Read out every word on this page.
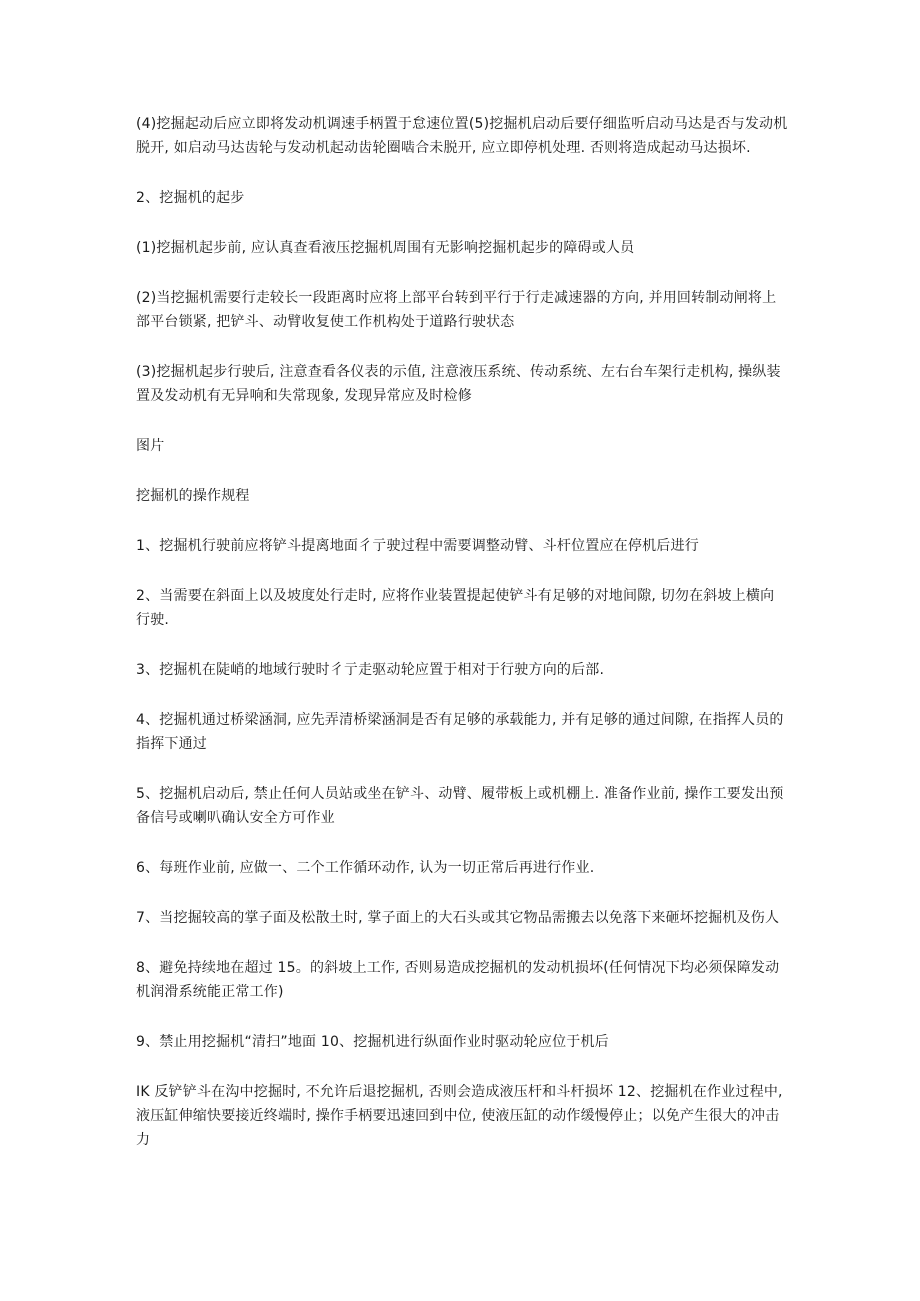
(4)挖掘起动后应立即将发动机调速手柄置于怠速位置(5)挖掘机启动后要仔细监听启动马达是否与发动机脱开, 如启动马达齿轮与发动机起动齿轮圈啮合未脱开, 应立即停机处理. 否则将造成起动马达损坏.

2、挖掘机的起步

(1)挖掘机起步前, 应认真查看液压挖掘机周围有无影响挖掘机起步的障碍或人员

(2)当挖掘机需要行走较长一段距离时应将上部平台转到平行于行走减速器的方向, 并用回转制动闸将上部平台锁紧, 把铲斗、动臂收复使工作机构处于道路行驶状态

(3)挖掘机起步行驶后, 注意查看各仪表的示值, 注意液压系统、传动系统、左右台车架行走机构, 操纵装置及发动机有无异响和失常现象, 发现异常应及时检修

图片

挖掘机的操作规程

1、挖掘机行驶前应将铲斗提离地面彳亍驶过程中需要调整动臂、斗杆位置应在停机后进行

2、当需要在斜面上以及坡度处行走时, 应将作业装置提起使铲斗有足够的对地间隙, 切勿在斜坡上横向行驶.

3、挖掘机在陡峭的地域行驶时彳亍走驱动轮应置于相对于行驶方向的后部.

4、挖掘机通过桥梁涵洞, 应先弄清桥梁涵洞是否有足够的承载能力, 并有足够的通过间隙, 在指挥人员的指挥下通过

5、挖掘机启动后, 禁止任何人员站或坐在铲斗、动臂、履带板上或机棚上. 准备作业前, 操作工要发出预备信号或喇叭确认安全方可作业

6、每班作业前, 应做一、二个工作循环动作, 认为一切正常后再进行作业.

7、当挖掘较高的掌子面及松散土时, 掌子面上的大石头或其它物品需搬去以免落下来砸坏挖掘机及伤人

8、避免持续地在超过 15。的斜坡上工作, 否则易造成挖掘机的发动机损坏(任何情况下均必须保障发动机润滑系统能正常工作)

9、禁止用挖掘机“清扫”地面 10、挖掘机进行纵面作业时驱动轮应位于机后

IK 反铲铲斗在沟中挖掘时, 不允许后退挖掘机, 否则会造成液压杆和斗杆损坏 12、挖掘机在作业过程中, 液压缸伸缩快要接近终端时, 操作手柄要迅速回到中位, 使液压缸的动作缓慢停止；以免产生很大的冲击力
